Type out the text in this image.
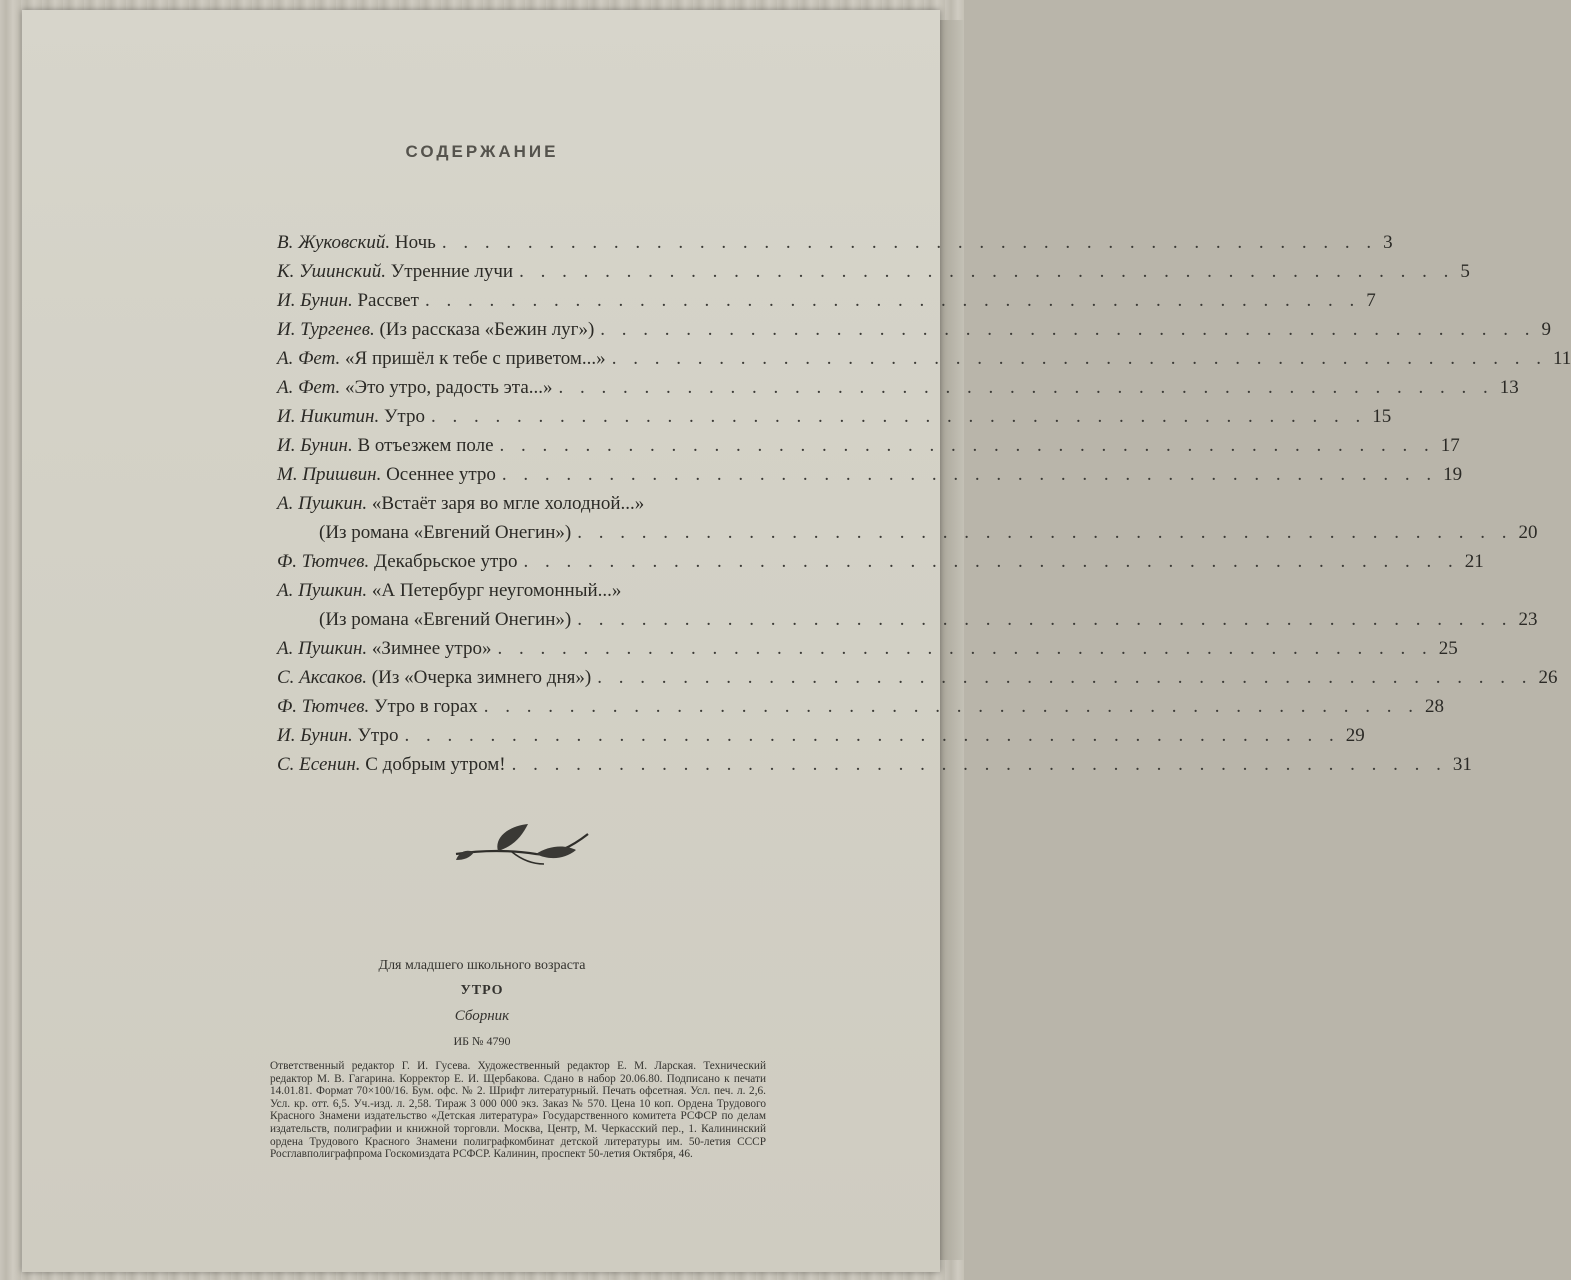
СОДЕРЖАНИЕ
В. Жуковский. Ночь . . . . . . . . . . . . . . . . . . . . . . . . . . . . . . . . . . . . . . . . . . . . 3
К. Ушинский. Утренние лучи . . . . . . . . . . . . . . . . . . . . . . . . . . . . . . . . . . . . . . . . . . . . 5
И. Бунин. Рассвет . . . . . . . . . . . . . . . . . . . . . . . . . . . . . . . . . . . . . . . . . . . . 7
И. Тургенев. (Из рассказа «Бежин луг») . . . . . . . . . . . . . . . . . . . . . . . . . . . . . . . . . . . . . . . . . . . . 9
А. Фет. «Я пришёл к тебе с приветом...» . . . . . . . . . . . . . . . . . . . . . . . . . . . . . . . . . . . . . . . . . . . . 11
А. Фет. «Это утро, радость эта...» . . . . . . . . . . . . . . . . . . . . . . . . . . . . . . . . . . . . . . . . . . . . 13
И. Никитин. Утро . . . . . . . . . . . . . . . . . . . . . . . . . . . . . . . . . . . . . . . . . . . . 15
И. Бунин. В отъезжем поле . . . . . . . . . . . . . . . . . . . . . . . . . . . . . . . . . . . . . . . . . . . . 17
М. Пришвин. Осеннее утро . . . . . . . . . . . . . . . . . . . . . . . . . . . . . . . . . . . . . . . . . . . . 19
А. Пушкин. «Встаёт заря во мгле холодной...»
(Из романа «Евгений Онегин») . . . . . . . . . . . . . . . . . . . . . . . . . . . . . . . . . . . . . . . . . . . . 20
Ф. Тютчев. Декабрьское утро . . . . . . . . . . . . . . . . . . . . . . . . . . . . . . . . . . . . . . . . . . . . 21
А. Пушкин. «А Петербург неугомонный...»
(Из романа «Евгений Онегин») . . . . . . . . . . . . . . . . . . . . . . . . . . . . . . . . . . . . . . . . . . . . 23
А. Пушкин. «Зимнее утро» . . . . . . . . . . . . . . . . . . . . . . . . . . . . . . . . . . . . . . . . . . . . 25
С. Аксаков. (Из «Очерка зимнего дня») . . . . . . . . . . . . . . . . . . . . . . . . . . . . . . . . . . . . . . . . . . . . 26
Ф. Тютчев. Утро в горах . . . . . . . . . . . . . . . . . . . . . . . . . . . . . . . . . . . . . . . . . . . . 28
И. Бунин. Утро . . . . . . . . . . . . . . . . . . . . . . . . . . . . . . . . . . . . . . . . . . . . 29
С. Есенин. С добрым утром! . . . . . . . . . . . . . . . . . . . . . . . . . . . . . . . . . . . . . . . . . . . . 31
Для младшего школьного возраста
УТРО
Сборник
ИБ № 4790
Ответственный редактор Г. И. Гусева. Художественный редактор Е. М. Ларская. Технический редактор М. В. Гагарина. Корректор Е. И. Щербакова. Сдано в набор 20.06.80. Подписано к печати 14.01.81. Формат 70×100/16. Бум. офс. № 2. Шрифт литературный. Печать офсетная. Усл. печ. л. 2,6. Усл. кр. отт. 6,5. Уч.-изд. л. 2,58. Тираж 3 000 000 экз. Заказ № 570. Цена 10 коп. Ордена Трудового Красного Знамени издательство «Детская литература» Государственного комитета РСФСР по делам издательств, полиграфии и книжной торговли. Москва, Центр, М. Черкасский пер., 1. Калининский ордена Трудового Красного Знамени полиграфкомбинат детской литературы им. 50-летия СССР Росглавполиграфпрома Госкомиздата РСФСР. Калинин, проспект 50-летия Октября, 46.
